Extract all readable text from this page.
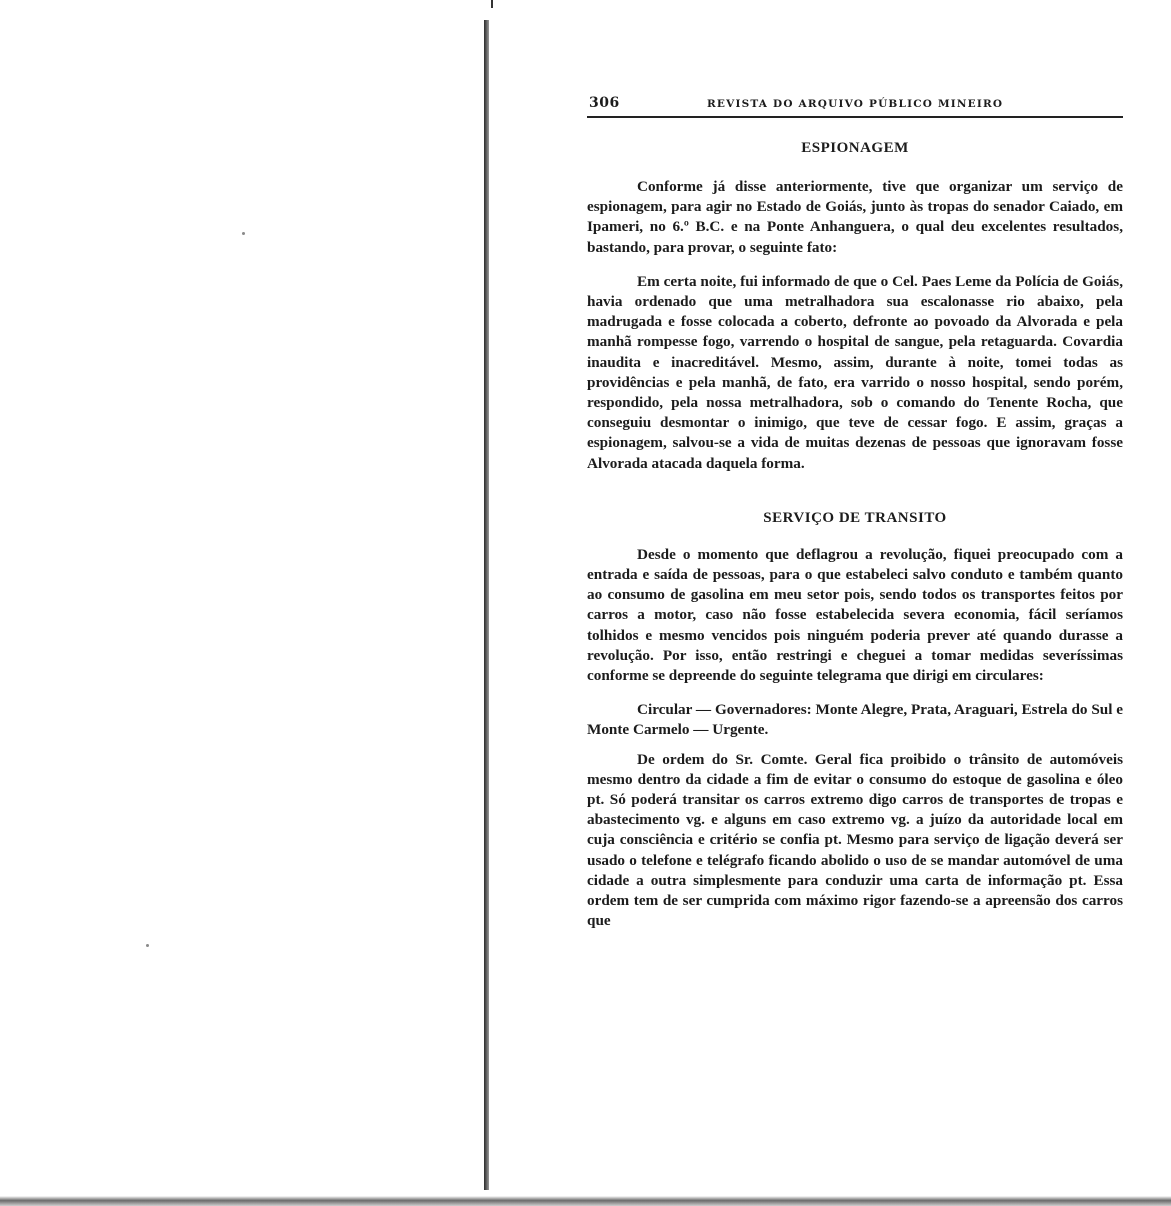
306	REVISTA DO ARQUIVO PÚBLICO MINEIRO
ESPIONAGEM

Conforme já disse anteriormente, tive que organizar um serviço de espionagem, para agir no Estado de Goiás, junto às tropas do senador Caiado, em Ipameri, no 6.º B.C. e na Ponte Anhanguera, o qual deu excelentes resultados, bastando, para provar, o seguinte fato:

Em certa noite, fui informado de que o Cel. Paes Leme da Polícia de Goiás, havia ordenado que uma metralhadora sua escalonasse rio abaixo, pela madrugada e fosse colocada a coberto, defronte ao povoado da Alvorada e pela manhã rompesse fogo, varrendo o hospital de sangue, pela retaguarda. Covardia inaudita e inacreditável. Mesmo, assim, durante à noite, tomei todas as providências e pela manhã, de fato, era varrido o nosso hospital, sendo porém, respondido, pela nossa metralhadora, sob o comando do Tenente Rocha, que conseguiu desmontar o inimigo, que teve de cessar fogo. E assim, graças a espionagem, salvou-se a vida de muitas dezenas de pessoas que ignoravam fosse Alvorada atacada daquela forma.

SERVIÇO DE TRANSITO

Desde o momento que deflagrou a revolução, fiquei preocupado com a entrada e saída de pessoas, para o que estabeleci salvo conduto e também quanto ao consumo de gasolina em meu setor pois, sendo todos os transportes feitos por carros a motor, caso não fosse estabelecida severa economia, fácil seríamos tolhidos e mesmo vencidos pois ninguém poderia prever até quando durasse a revolução. Por isso, então restringi e cheguei a tomar medidas severíssimas conforme se depreende do seguinte telegrama que dirigi em circulares:

Circular — Governadores: Monte Alegre, Prata, Araguari, Estrela do Sul e Monte Carmelo — Urgente.

De ordem do Sr. Comte. Geral fica proibido o trânsito de automóveis mesmo dentro da cidade a fim de evitar o consumo do estoque de gasolina e óleo pt. Só poderá transitar os carros extremo digo carros de transportes de tropas e abastecimento vg. e alguns em caso extremo vg. a juízo da autoridade local em cuja consciência e critério se confia pt. Mesmo para serviço de ligação deverá ser usado o telefone e telégrafo ficando abolido o uso de se mandar automóvel de uma cidade a outra simplesmente para conduzir uma carta de informação pt. Essa ordem tem de ser cumprida com máximo rigor fazendo-se a apreensão dos carros que
